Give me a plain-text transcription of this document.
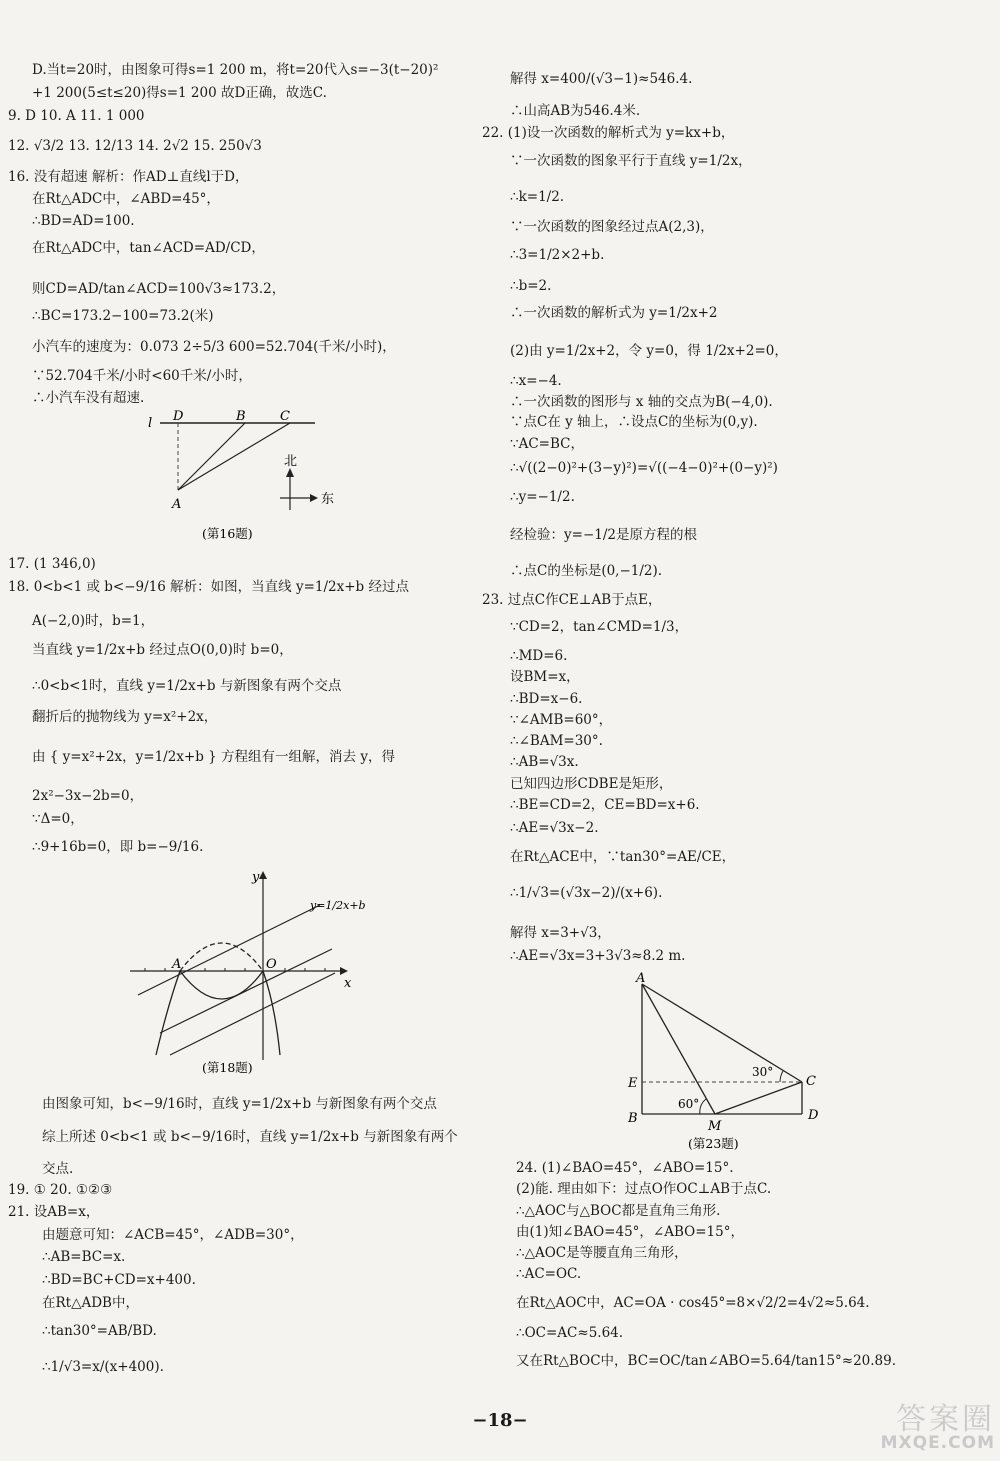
D.当t=20时，由图象可得s=1 200 m，将t=20代入s=−3(t−20)²
+1 200(5≤t≤20)得s=1 200 故D正确，故选C.
9. D 10. A 11. 1 000
12. √3/2 13. 12/13 14. 2√2 15. 250√3
16. 没有超速 解析：作AD⊥直线l于D，
在Rt△ADC中，∠ABD=45°，
∴BD=AD=100.
在Rt△ADC中，tan∠ACD=AD/CD，
则CD=AD/tan∠ACD=100√3≈173.2，
∴BC=173.2−100=73.2(米)
小汽车的速度为：0.073 2÷5/3 600=52.704(千米/小时)，
∵52.704千米/小时<60千米/小时，
∴小汽车没有超速.
l D	B	C
A
北
东
(第16题)
17. (1 346,0)
18. 0<b<1 或 b<−9/16 解析：如图，当直线 y=1/2x+b 经过点
A(−2,0)时，b=1，
当直线 y=1/2x+b 经过点O(0,0)时 b=0，
∴0<b<1时，直线 y=1/2x+b 与新图象有两个交点
翻折后的抛物线为 y=x²+2x，
由 { y=x²+2x，y=1/2x+b } 方程组有一组解，消去 y，得
2x²−3x−2b=0，
∵Δ=0，
∴9+16b=0，即 b=−9/16.
y
x
A	O
y=1/2x+b
(第18题)
由图象可知，b<−9/16时，直线 y=1/2x+b 与新图象有两个交点
综上所述 0<b<1 或 b<−9/16时，直线 y=1/2x+b 与新图象有两个
交点.
19. ① 20. ①②③
21. 设AB=x，
由题意可知：∠ACB=45°，∠ADB=30°，
∴AB=BC=x.
∴BD=BC+CD=x+400.
在Rt△ADB中，
∴tan30°=AB/BD.
∴1/√3=x/(x+400).
解得 x=400/(√3−1)≈546.4.
∴山高AB为546.4米.
22. (1)设一次函数的解析式为 y=kx+b，
∵一次函数的图象平行于直线 y=1/2x，
∴k=1/2.
∵一次函数的图象经过点A(2,3)，
∴3=1/2×2+b.
∴b=2.
∴一次函数的解析式为 y=1/2x+2
(2)由 y=1/2x+2，令 y=0，得 1/2x+2=0，
∴x=−4.
∴一次函数的图形与 x 轴的交点为B(−4,0).
∵点C在 y 轴上，∴设点C的坐标为(0,y).
∵AC=BC，
∴√((2−0)²+(3−y)²)=√((−4−0)²+(0−y)²)
∴y=−1/2.
经检验：y=−1/2是原方程的根
∴点C的坐标是(0,−1/2).
23. 过点C作CE⊥AB于点E，
∵CD=2，tan∠CMD=1/3，
∴MD=6.
设BM=x，
∴BD=x−6.
∵∠AMB=60°，
∴∠BAM=30°.
∴AB=√3x.
已知四边形CDBE是矩形，
∴BE=CD=2，CE=BD=x+6.
∴AE=√3x−2.
在Rt△ACE中，∵tan30°=AE/CE，
∴1/√3=(√3x−2)/(x+6).
解得 x=3+√3，
∴AE=√3x=3+3√3≈8.2 m.
A
E
B
M
C
D
60°
30°
(第23题)
24. (1)∠BAO=45°，∠ABO=15°.
(2)能. 理由如下：过点O作OC⊥AB于点C.
∴△AOC与△BOC都是直角三角形.
由(1)知∠BAO=45°，∠ABO=15°，
∴△AOC是等腰直角三角形，
∴AC=OC.
在Rt△AOC中，AC=OA · cos45°=8×√2/2=4√2≈5.64.
∴OC=AC≈5.64.
又在Rt△BOC中，BC=OC/tan∠ABO=5.64/tan15°≈20.89.
−18−	答案圈
MXQE.COM
